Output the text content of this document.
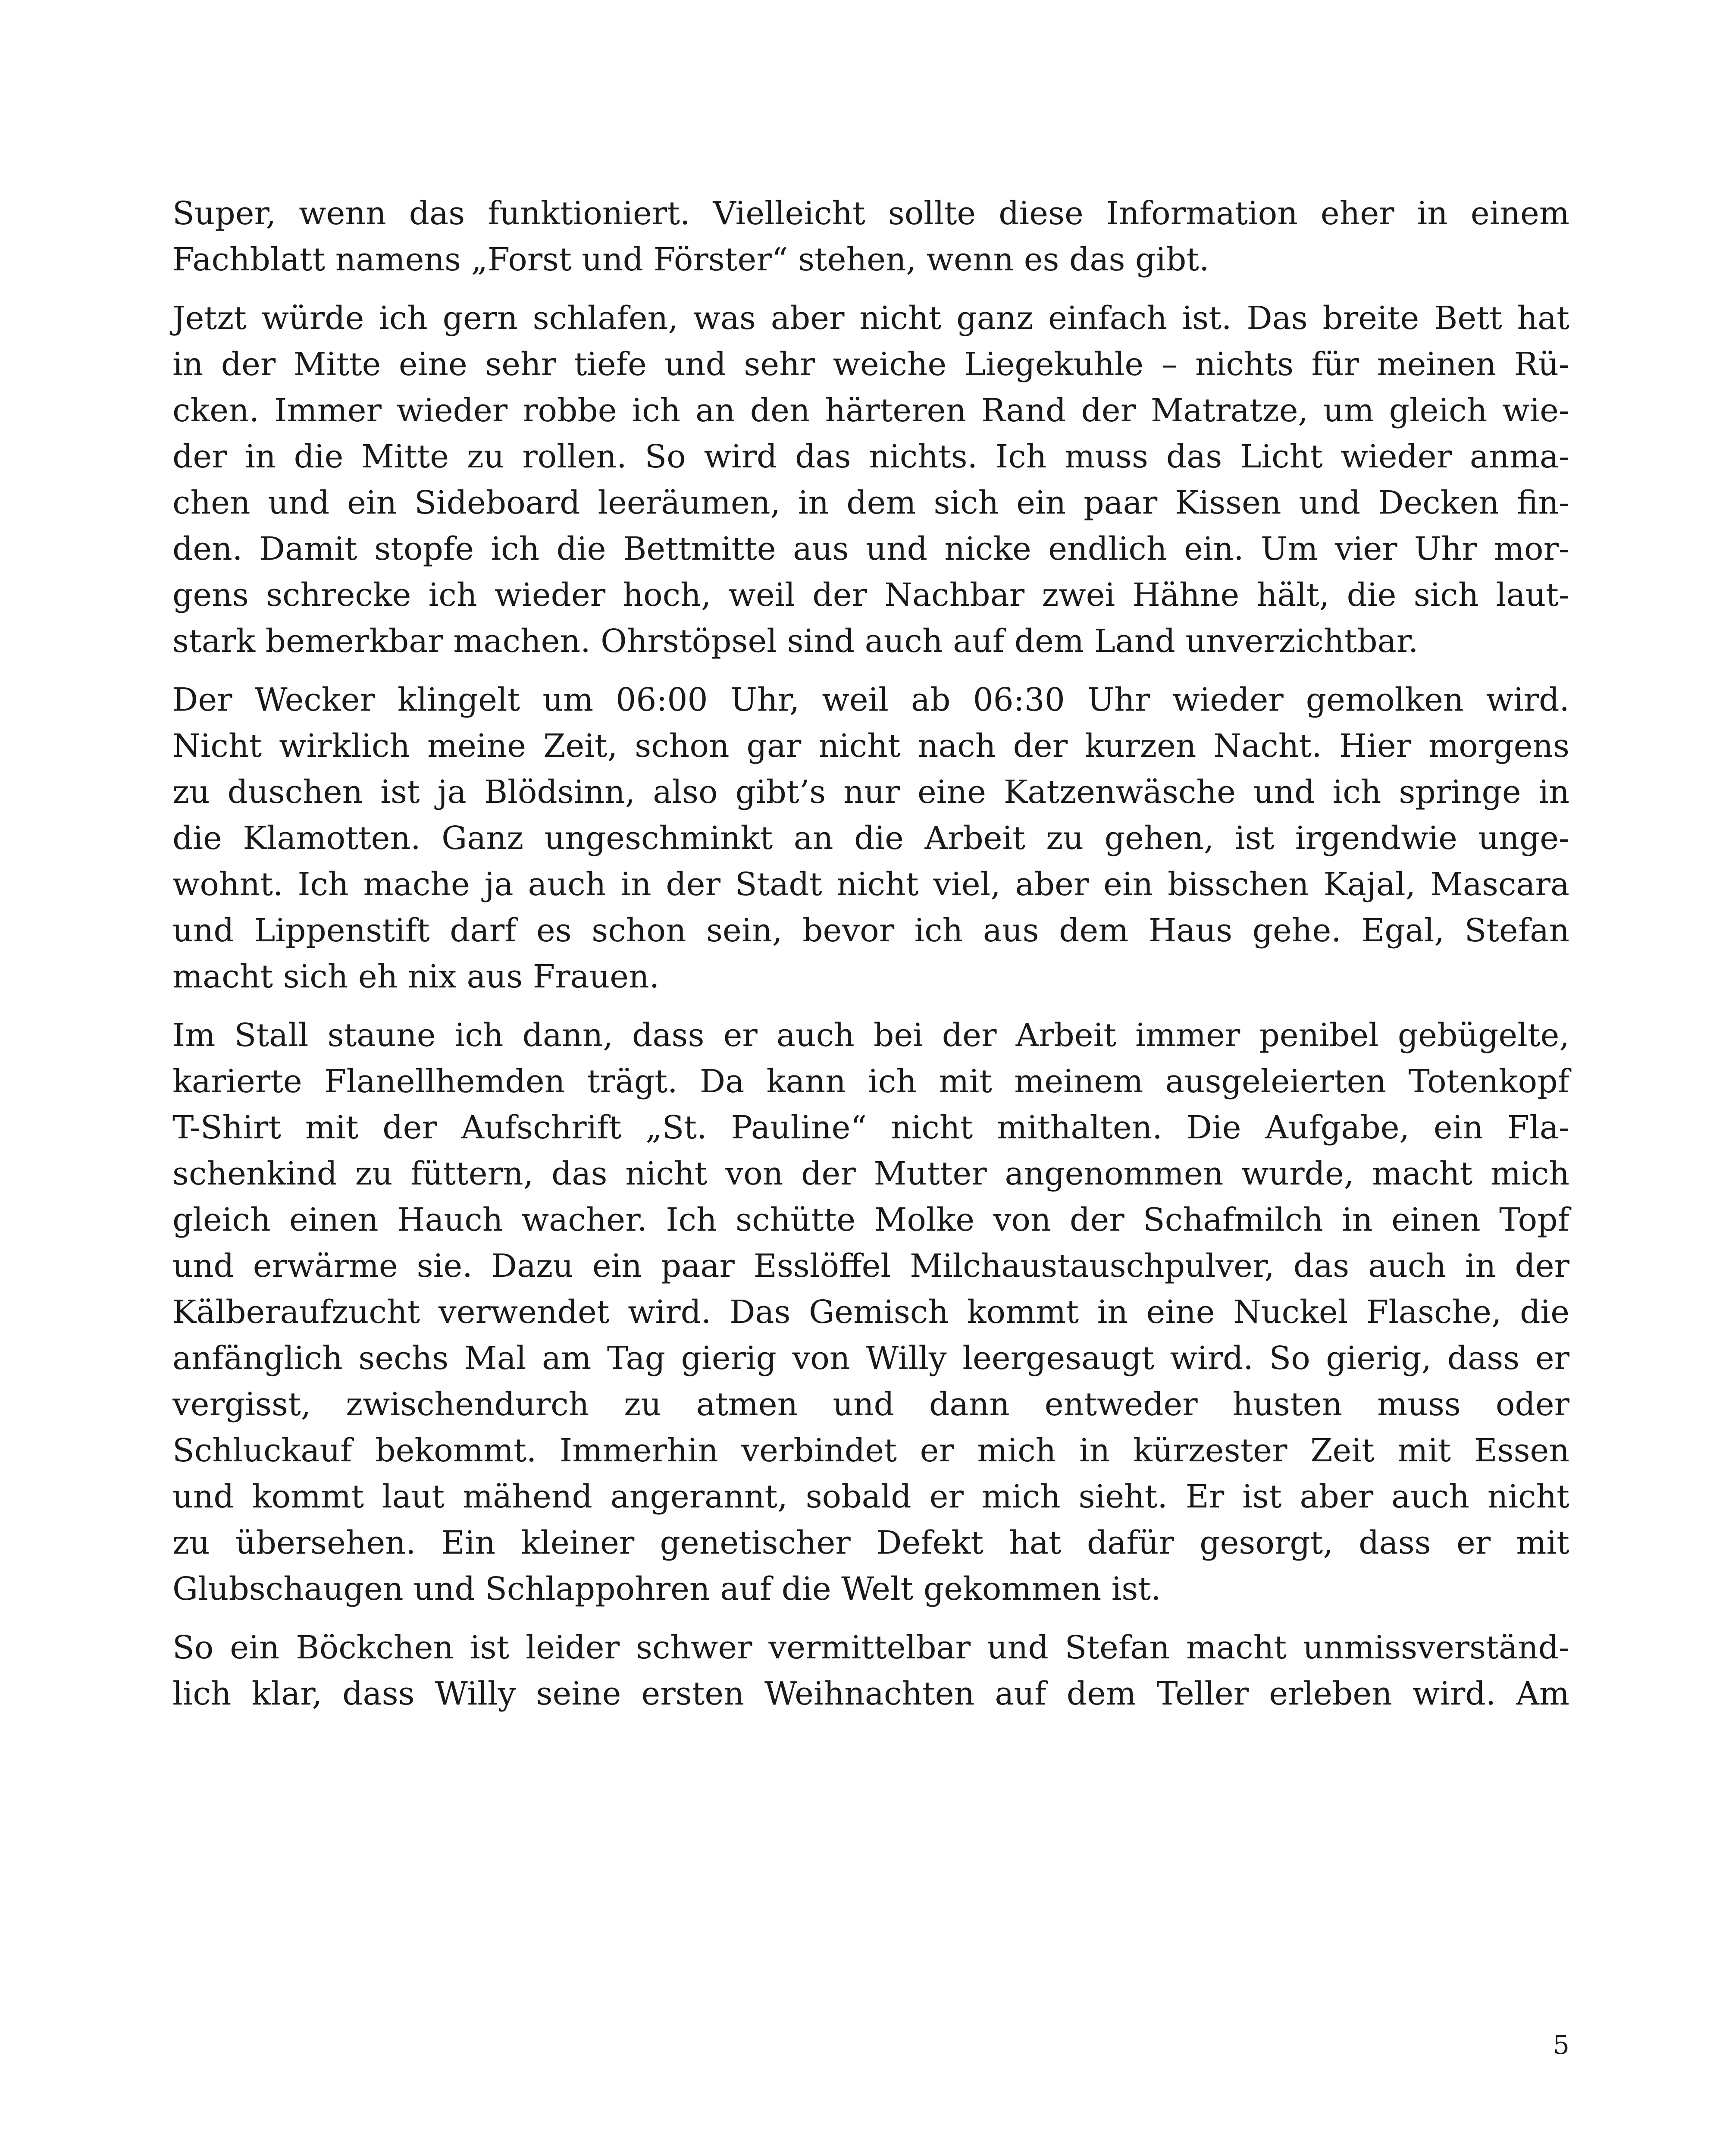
Super, wenn das funktioniert. Vielleicht sollte diese Information eher in einem
Fachblatt namens „Forst und Förster“ stehen, wenn es das gibt.
Jetzt würde ich gern schlafen, was aber nicht ganz einfach ist. Das breite Bett hat
in der Mitte eine sehr tiefe und sehr weiche Liegekuhle – nichts für meinen Rü-
cken. Immer wieder robbe ich an den härteren Rand der Matratze, um gleich wie-
der in die Mitte zu rollen. So wird das nichts. Ich muss das Licht wieder anma-
chen und ein Sideboard leeräumen, in dem sich ein paar Kissen und Decken fin-
den. Damit stopfe ich die Bettmitte aus und nicke endlich ein. Um vier Uhr mor-
gens schrecke ich wieder hoch, weil der Nachbar zwei Hähne hält, die sich laut-
stark bemerkbar machen. Ohrstöpsel sind auch auf dem Land unverzichtbar.
Der Wecker klingelt um 06:00 Uhr, weil ab 06:30 Uhr wieder gemolken wird.
Nicht wirklich meine Zeit, schon gar nicht nach der kurzen Nacht. Hier morgens
zu duschen ist ja Blödsinn, also gibt’s nur eine Katzenwäsche und ich springe in
die Klamotten. Ganz ungeschminkt an die Arbeit zu gehen, ist irgendwie unge-
wohnt. Ich mache ja auch in der Stadt nicht viel, aber ein bisschen Kajal, Mascara
und Lippenstift darf es schon sein, bevor ich aus dem Haus gehe. Egal, Stefan
macht sich eh nix aus Frauen.
Im Stall staune ich dann, dass er auch bei der Arbeit immer penibel gebügelte,
karierte Flanellhemden trägt. Da kann ich mit meinem ausgeleierten Totenkopf
T-Shirt mit der Aufschrift „St. Pauline“ nicht mithalten. Die Aufgabe, ein Fla-
schenkind zu füttern, das nicht von der Mutter angenommen wurde, macht mich
gleich einen Hauch wacher. Ich schütte Molke von der Schafmilch in einen Topf
und erwärme sie. Dazu ein paar Esslöffel Milchaustauschpulver, das auch in der
Kälberaufzucht verwendet wird. Das Gemisch kommt in eine Nuckel Flasche, die
anfänglich sechs Mal am Tag gierig von Willy leergesaugt wird. So gierig, dass er
vergisst, zwischendurch zu atmen und dann entweder husten muss oder
Schluckauf bekommt. Immerhin verbindet er mich in kürzester Zeit mit Essen
und kommt laut mähend angerannt, sobald er mich sieht. Er ist aber auch nicht
zu übersehen. Ein kleiner genetischer Defekt hat dafür gesorgt, dass er mit
Glubschaugen und Schlappohren auf die Welt gekommen ist.
So ein Böckchen ist leider schwer vermittelbar und Stefan macht unmissverständ-
lich klar, dass Willy seine ersten Weihnachten auf dem Teller erleben wird. Am
5
